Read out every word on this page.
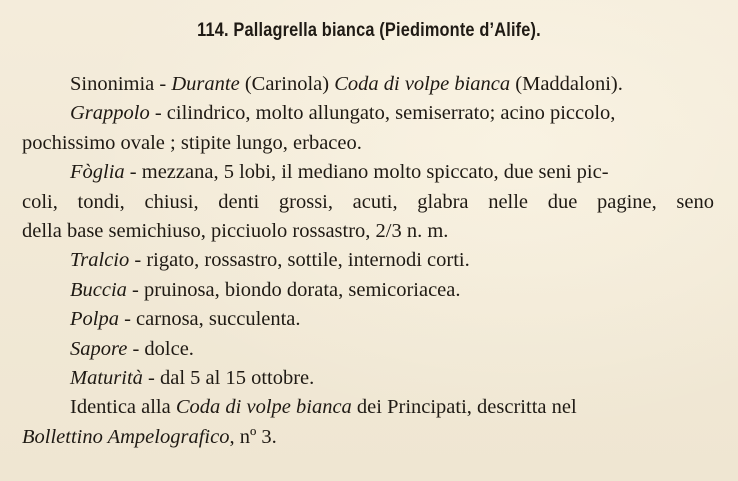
114. Pallagrella bianca (Piedimonte d’Alife).
Sinonimia - Durante (Carinola) Coda di volpe bianca (Maddaloni).
Grappolo - cilindrico, molto allungato, semiserrato; acino piccolo,
pochissimo ovale ; stipite lungo, erbaceo.
Fòglia - mezzana, 5 lobi, il mediano molto spiccato, due seni pic-
coli, tondi, chiusi, denti grossi, acuti, glabra nelle due pagine, seno
della base semichiuso, picciuolo rossastro, 2/3 n. m.
Tralcio - rigato, rossastro, sottile, internodi corti.
Buccia - pruinosa, biondo dorata, semicoriacea.
Polpa - carnosa, succulenta.
Sapore - dolce.
Maturità - dal 5 al 15 ottobre.
Identica alla Coda di volpe bianca dei Principati, descritta nel
Bollettino Ampelografico, nº 3.
